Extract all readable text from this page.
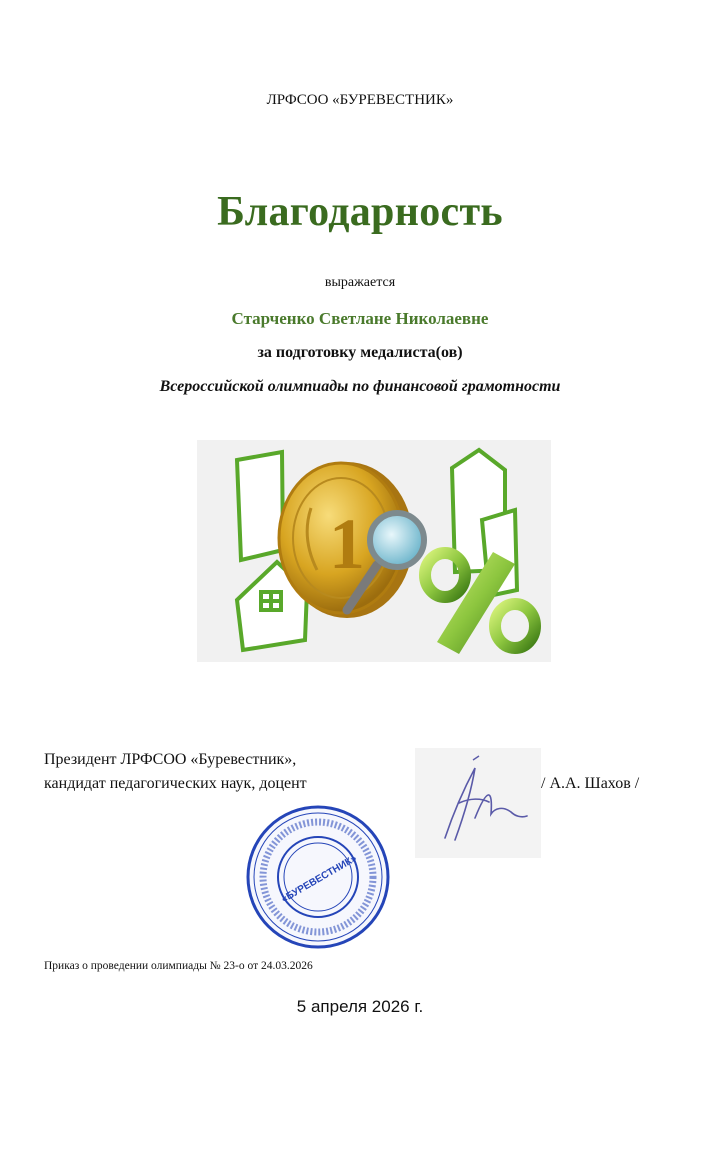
ЛРФСОО «БУРЕВЕСТНИК»
Благодарность
выражается
Старченко Светлане Николаевне
за подготовку медалиста(ов)
Всероссийской олимпиады по финансовой грамотности
1
Президент ЛРФСОО «Буревестник»,
кандидат педагогических наук, доцент	/ А.А. Шахов /
«БУРЕВЕСТНИК»
Приказ о проведении олимпиады № 23-о от 24.03.2026
5 апреля 2026 г.
